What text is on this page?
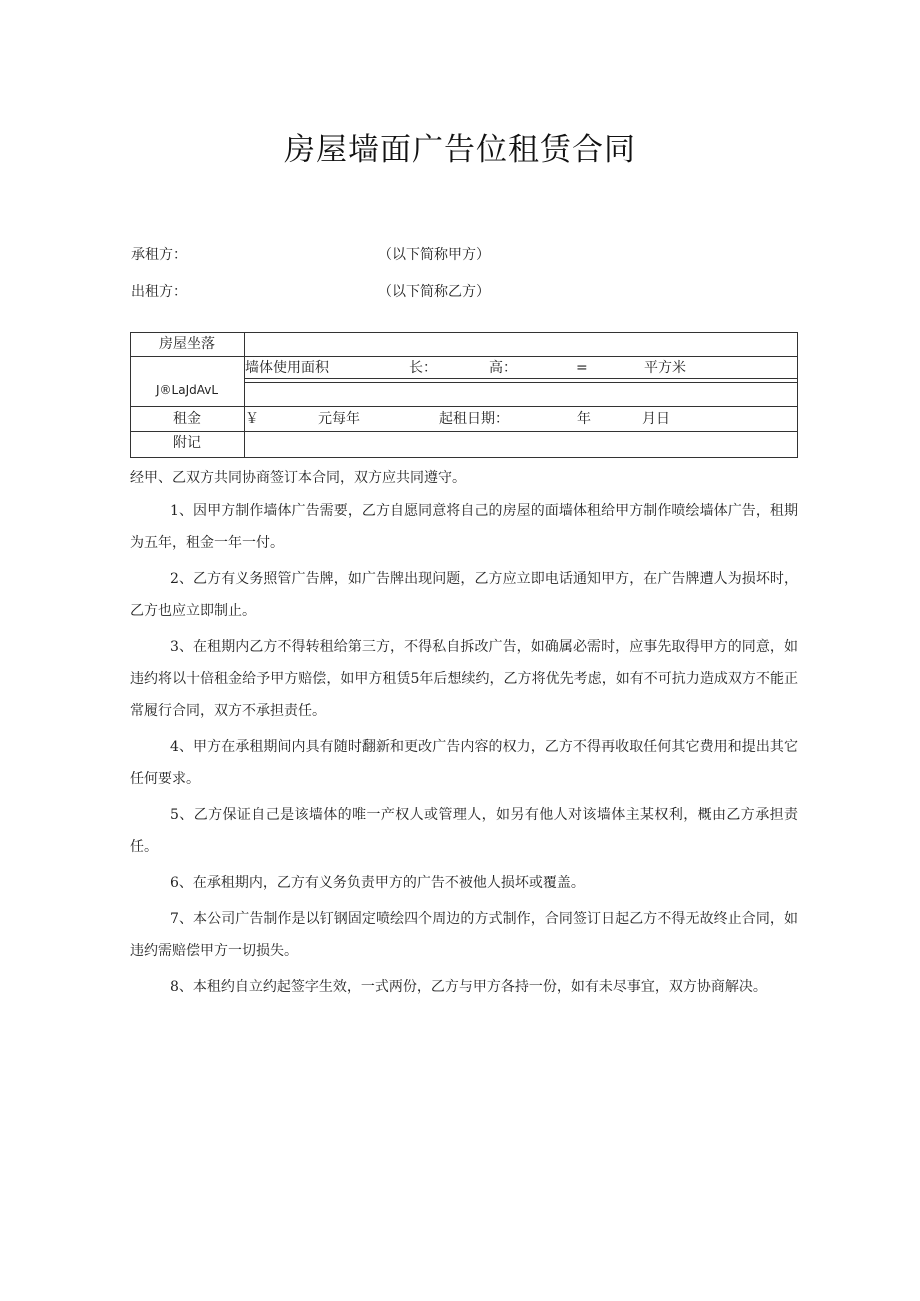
房屋墙面广告位租赁合同
承租方：	（以下简称甲方）
出租方：	（以下简称乙方）
房屋坐落
J®LaJdAvL
墙体使用面积	长：	高：	=	平方米
租金	￥	元每年	起租日期：	年	月日
附记
经甲、乙双方共同协商签订本合同，双方应共同遵守。

1、因甲方制作墙体广告需要，乙方自愿同意将自己的房屋的面墙体租给甲方制作喷绘墙体广告，租期为五年，租金一年一付。

2、乙方有义务照管广告牌，如广告牌出现问题，乙方应立即电话通知甲方，在广告牌遭人为损坏时，乙方也应立即制止。

3、在租期内乙方不得转租给第三方，不得私自拆改广告，如确属必需时，应事先取得甲方的同意，如违约将以十倍租金给予甲方赔偿，如甲方租赁5年后想续约，乙方将优先考虑，如有不可抗力造成双方不能正常履行合同，双方不承担责任。

4、甲方在承租期间内具有随时翻新和更改广告内容的权力，乙方不得再收取任何其它费用和提出其它任何要求。

5、乙方保证自己是该墙体的唯一产权人或管理人，如另有他人对该墙体主某权利，概由乙方承担责任。

6、在承租期内，乙方有义务负责甲方的广告不被他人损坏或覆盖。

7、本公司广告制作是以钉钢固定喷绘四个周边的方式制作，合同签订日起乙方不得无故终止合同，如违约需赔偿甲方一切损失。

8、本租约自立约起签字生效，一式两份，乙方与甲方各持一份，如有未尽事宜，双方协商解决。
